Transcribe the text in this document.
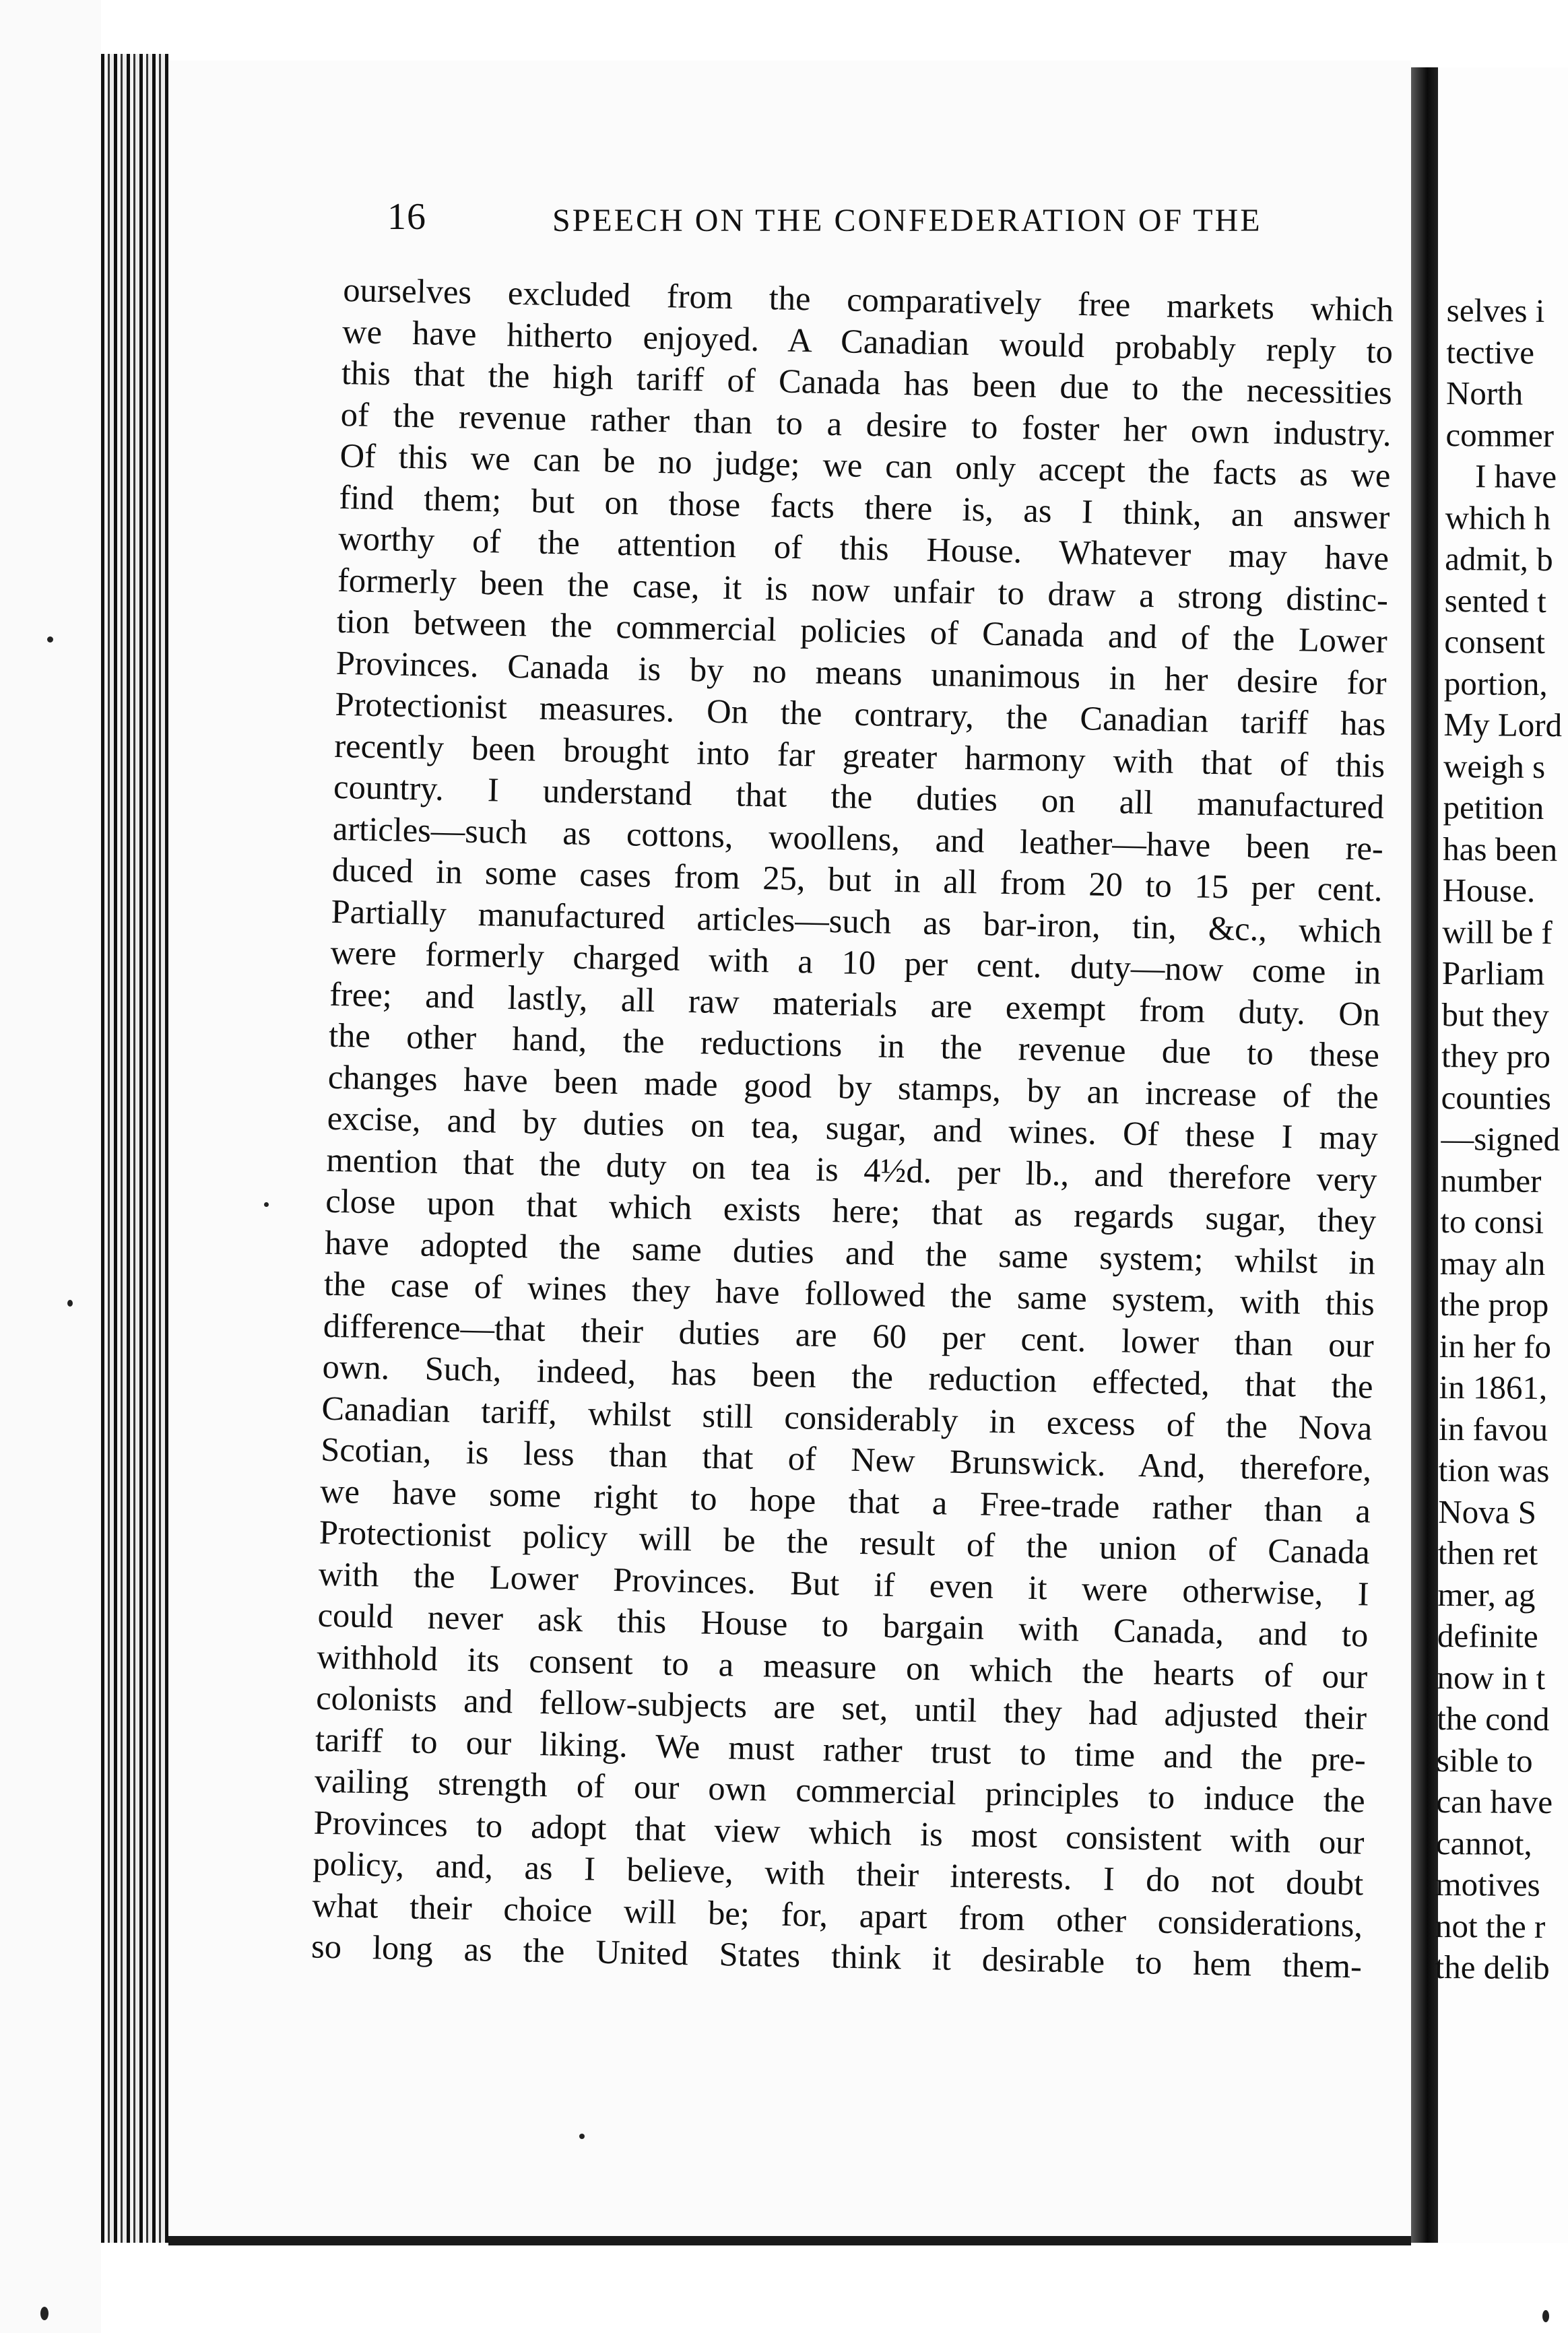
16	SPEECH ON THE CONFEDERATION OF THE
ourselves excluded from the comparatively free markets which
we have hitherto enjoyed. A Canadian would probably reply to
this that the high tariff of Canada has been due to the necessities
of the revenue rather than to a desire to foster her own industry.
Of this we can be no judge; we can only accept the facts as we
find them; but on those facts there is, as I think, an answer
worthy of the attention of this House. Whatever may have
formerly been the case, it is now unfair to draw a strong distinc-
tion between the commercial policies of Canada and of the Lower
Provinces. Canada is by no means unanimous in her desire for
Protectionist measures. On the contrary, the Canadian tariff has
recently been brought into far greater harmony with that of this
country. I understand that the duties on all manufactured
articles—such as cottons, woollens, and leather—have been re-
duced in some cases from 25, but in all from 20 to 15 per cent.
Partially manufactured articles—such as bar-iron, tin, &c., which
were formerly charged with a 10 per cent. duty—now come in
free; and lastly, all raw materials are exempt from duty. On
the other hand, the reductions in the revenue due to these
changes have been made good by stamps, by an increase of the
excise, and by duties on tea, sugar, and wines. Of these I may
mention that the duty on tea is 4½d. per lb., and therefore very
close upon that which exists here; that as regards sugar, they
have adopted the same duties and the same system; whilst in
the case of wines they have followed the same system, with this
difference—that their duties are 60 per cent. lower than our
own. Such, indeed, has been the reduction effected, that the
Canadian tariff, whilst still considerably in excess of the Nova
Scotian, is less than that of New Brunswick. And, therefore,
we have some right to hope that a Free-trade rather than a
Protectionist policy will be the result of the union of Canada
with the Lower Provinces. But if even it were otherwise, I
could never ask this House to bargain with Canada, and to
withhold its consent to a measure on which the hearts of our
colonists and fellow-subjects are set, until they had adjusted their
tariff to our liking. We must rather trust to time and the pre-
vailing strength of our own commercial principles to induce the
Provinces to adopt that view which is most consistent with our
policy, and, as I believe, with their interests. I do not doubt
what their choice will be; for, apart from other considerations,
so long as the United States think it desirable to hem them-
selves i
tective
North
commer
I have
which h
admit, b
sented t
consent
portion,
My Lord
weigh s
petition
has been
House.
will be f
Parliam
but they
they pro
counties
—signed
number
to consi
may aln
the prop
in her fo
in 1861,
in favou
tion was
Nova S
then ret
mer, ag
definite
now in t
the cond
sible to
can have
cannot,
motives
not the r
the delib
